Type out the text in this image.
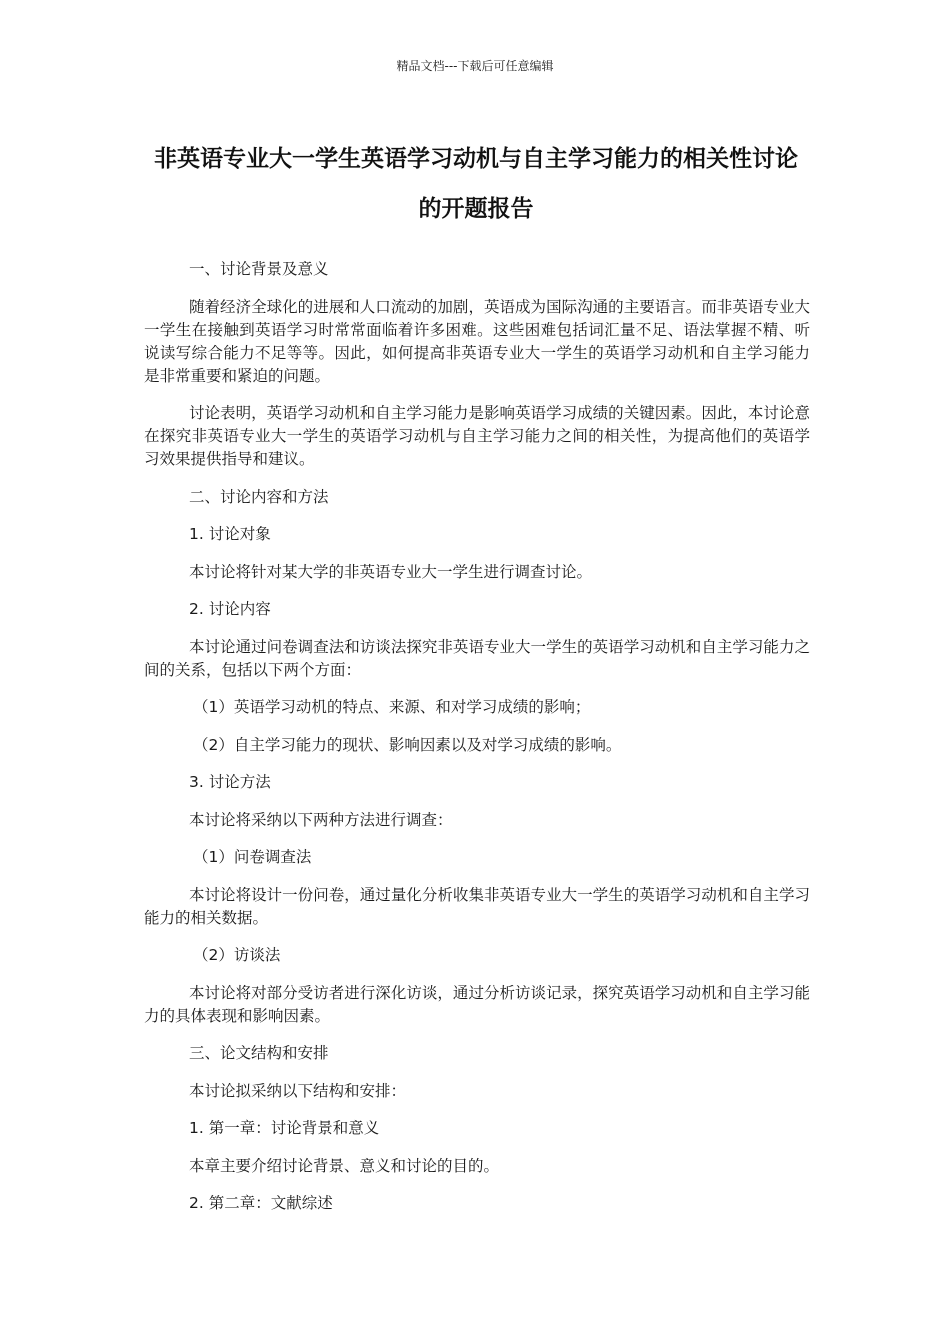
精品文档---下载后可任意编辑
非英语专业大一学生英语学习动机与自主学习能力的相关性讨论的开题报告
一、讨论背景及意义
随着经济全球化的进展和人口流动的加剧，英语成为国际沟通的主要语言。而非英语专业大一学生在接触到英语学习时常常面临着许多困难。这些困难包括词汇量不足、语法掌握不精、听说读写综合能力不足等等。因此，如何提高非英语专业大一学生的英语学习动机和自主学习能力是非常重要和紧迫的问题。
讨论表明，英语学习动机和自主学习能力是影响英语学习成绩的关键因素。因此，本讨论意在探究非英语专业大一学生的英语学习动机与自主学习能力之间的相关性，为提高他们的英语学习效果提供指导和建议。
二、讨论内容和方法
1. 讨论对象
本讨论将针对某大学的非英语专业大一学生进行调查讨论。
2. 讨论内容
本讨论通过问卷调查法和访谈法探究非英语专业大一学生的英语学习动机和自主学习能力之间的关系，包括以下两个方面：
（1）英语学习动机的特点、来源、和对学习成绩的影响；
（2）自主学习能力的现状、影响因素以及对学习成绩的影响。
3. 讨论方法
本讨论将采纳以下两种方法进行调查：
（1）问卷调查法
本讨论将设计一份问卷，通过量化分析收集非英语专业大一学生的英语学习动机和自主学习能力的相关数据。
（2）访谈法
本讨论将对部分受访者进行深化访谈，通过分析访谈记录，探究英语学习动机和自主学习能力的具体表现和影响因素。
三、论文结构和安排
本讨论拟采纳以下结构和安排：
1. 第一章：讨论背景和意义
本章主要介绍讨论背景、意义和讨论的目的。
2. 第二章：文献综述
